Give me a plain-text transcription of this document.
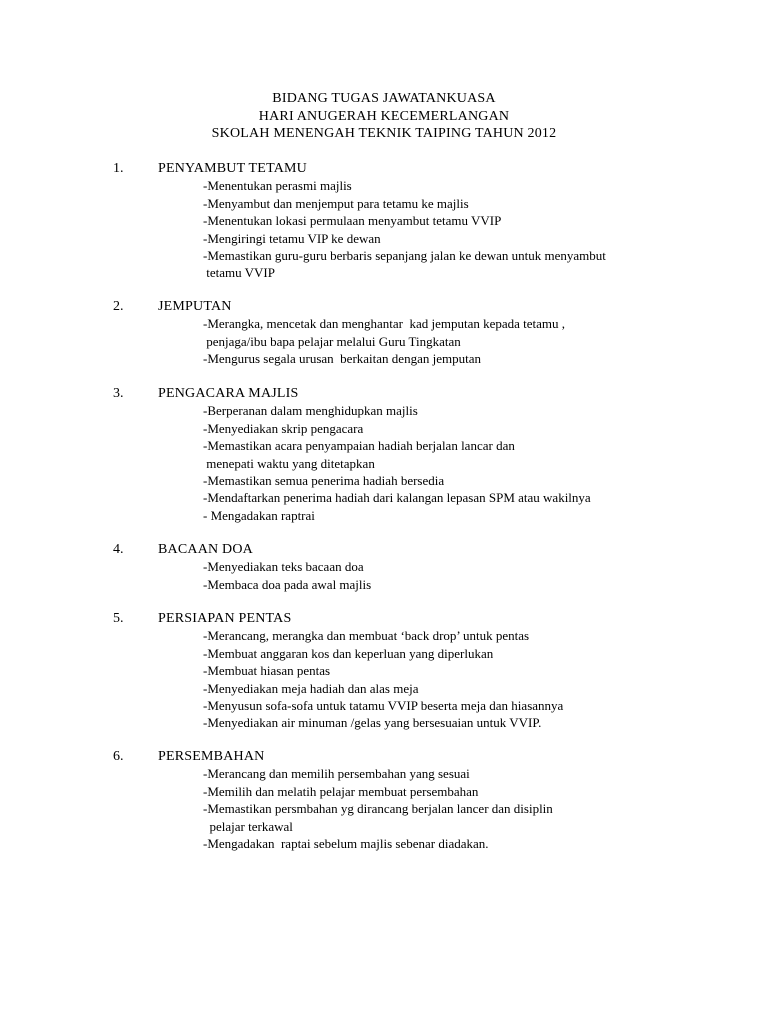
BIDANG TUGAS JAWATANKUASA
HARI ANUGERAH KECEMERLANGAN
SKOLAH MENENGAH TEKNIK TAIPING TAHUN 2012
1. PENYAMBUT TETAMU
-Menentukan perasmi majlis
-Menyambut dan menjemput para tetamu ke majlis
-Menentukan lokasi permulaan menyambut tetamu VVIP
-Mengiringi tetamu VIP ke dewan
-Memastikan guru-guru berbaris sepanjang jalan ke dewan untuk menyambut
tetamu VVIP
2. JEMPUTAN
-Merangka, mencetak dan menghantar  kad jemputan kepada tetamu ,
penjaga/ibu bapa pelajar melalui Guru Tingkatan
-Mengurus segala urusan  berkaitan dengan jemputan
3. PENGACARA MAJLIS
-Berperanan dalam menghidupkan majlis
-Menyediakan skrip pengacara
-Memastikan acara penyampaian hadiah berjalan lancar dan
menepati waktu yang ditetapkan
-Memastikan semua penerima hadiah bersedia
-Mendaftarkan penerima hadiah dari kalangan lepasan SPM atau wakilnya
- Mengadakan raptrai
4. BACAAN DOA
-Menyediakan teks bacaan doa
-Membaca doa pada awal majlis
5. PERSIAPAN PENTAS
-Merancang, merangka dan membuat ‘back drop’ untuk pentas
-Membuat anggaran kos dan keperluan yang diperlukan
-Membuat hiasan pentas
-Menyediakan meja hadiah dan alas meja
-Menyusun sofa-sofa untuk tatamu VVIP beserta meja dan hiasannya
-Menyediakan air minuman /gelas yang bersesuaian untuk VVIP.
6. PERSEMBAHAN
-Merancang dan memilih persembahan yang sesuai
-Memilih dan melatih pelajar membuat persembahan
-Memastikan persmbahan yg dirancang berjalan lancer dan disiplin
pelajar terkawal
-Mengadakan  raptai sebelum majlis sebenar diadakan.
